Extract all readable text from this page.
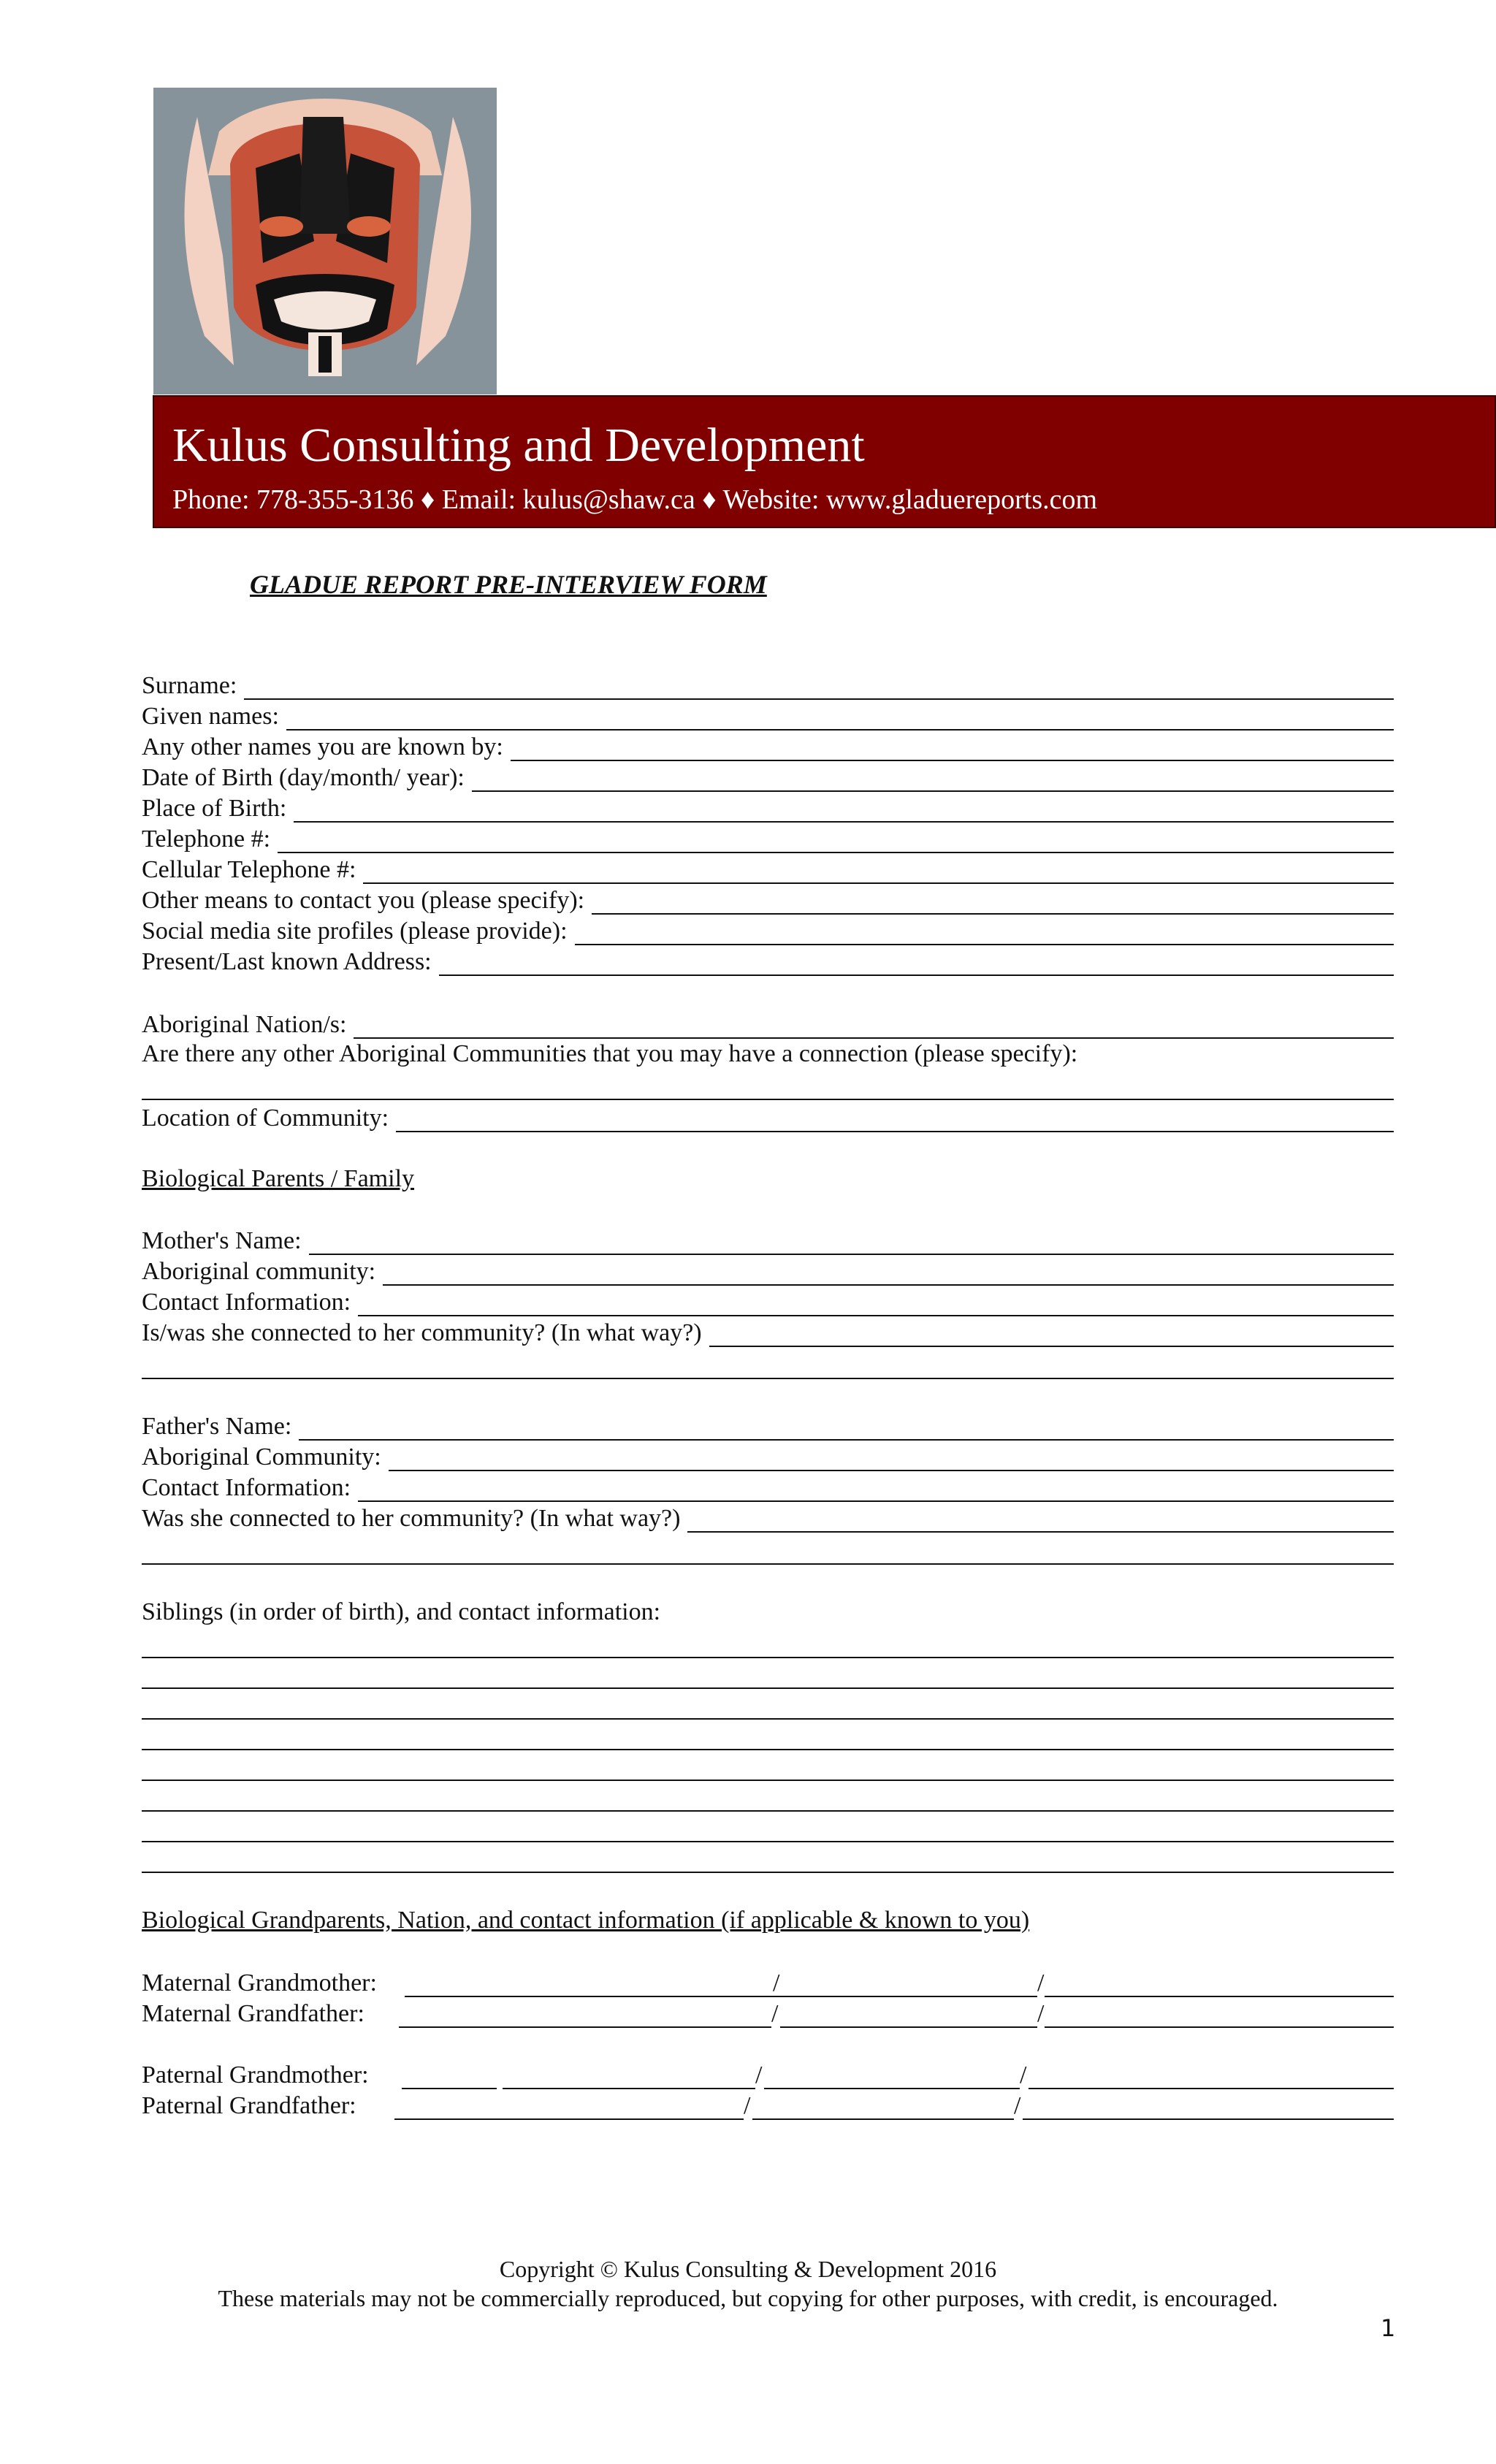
Kulus Consulting and Development
Phone: 778-355-3136 ♦ Email: kulus@shaw.ca ♦ Website: www.gladuereports.com
GLADUE REPORT PRE-INTERVIEW FORM
Surname:
Given names:
Any other names you are known by:
Date of Birth (day/month/ year):
Place of Birth:
Telephone #:
Cellular Telephone #:
Other means to contact you (please specify):
Social media site profiles (please provide):
Present/Last known Address:
Aboriginal Nation/s:
Are there any other Aboriginal Communities that you may have a connection (please specify):
Location of Community:
Biological Parents / Family
Mother's Name:
Aboriginal community:
Contact Information:
Is/was she connected to her community? (In what way?)
Father's Name:
Aboriginal Community:
Contact Information:
Was she connected to her community? (In what way?)
Siblings (in order of birth), and contact information:
Biological Grandparents, Nation, and contact information (if applicable & known to you)
Maternal Grandmother:	/	/
Maternal Grandfather:	/	/
Paternal Grandmother:	/	/
Paternal Grandfather:	/	/
Copyright © Kulus Consulting & Development 2016
These materials may not be commercially reproduced, but copying for other purposes, with credit, is encouraged.
1
